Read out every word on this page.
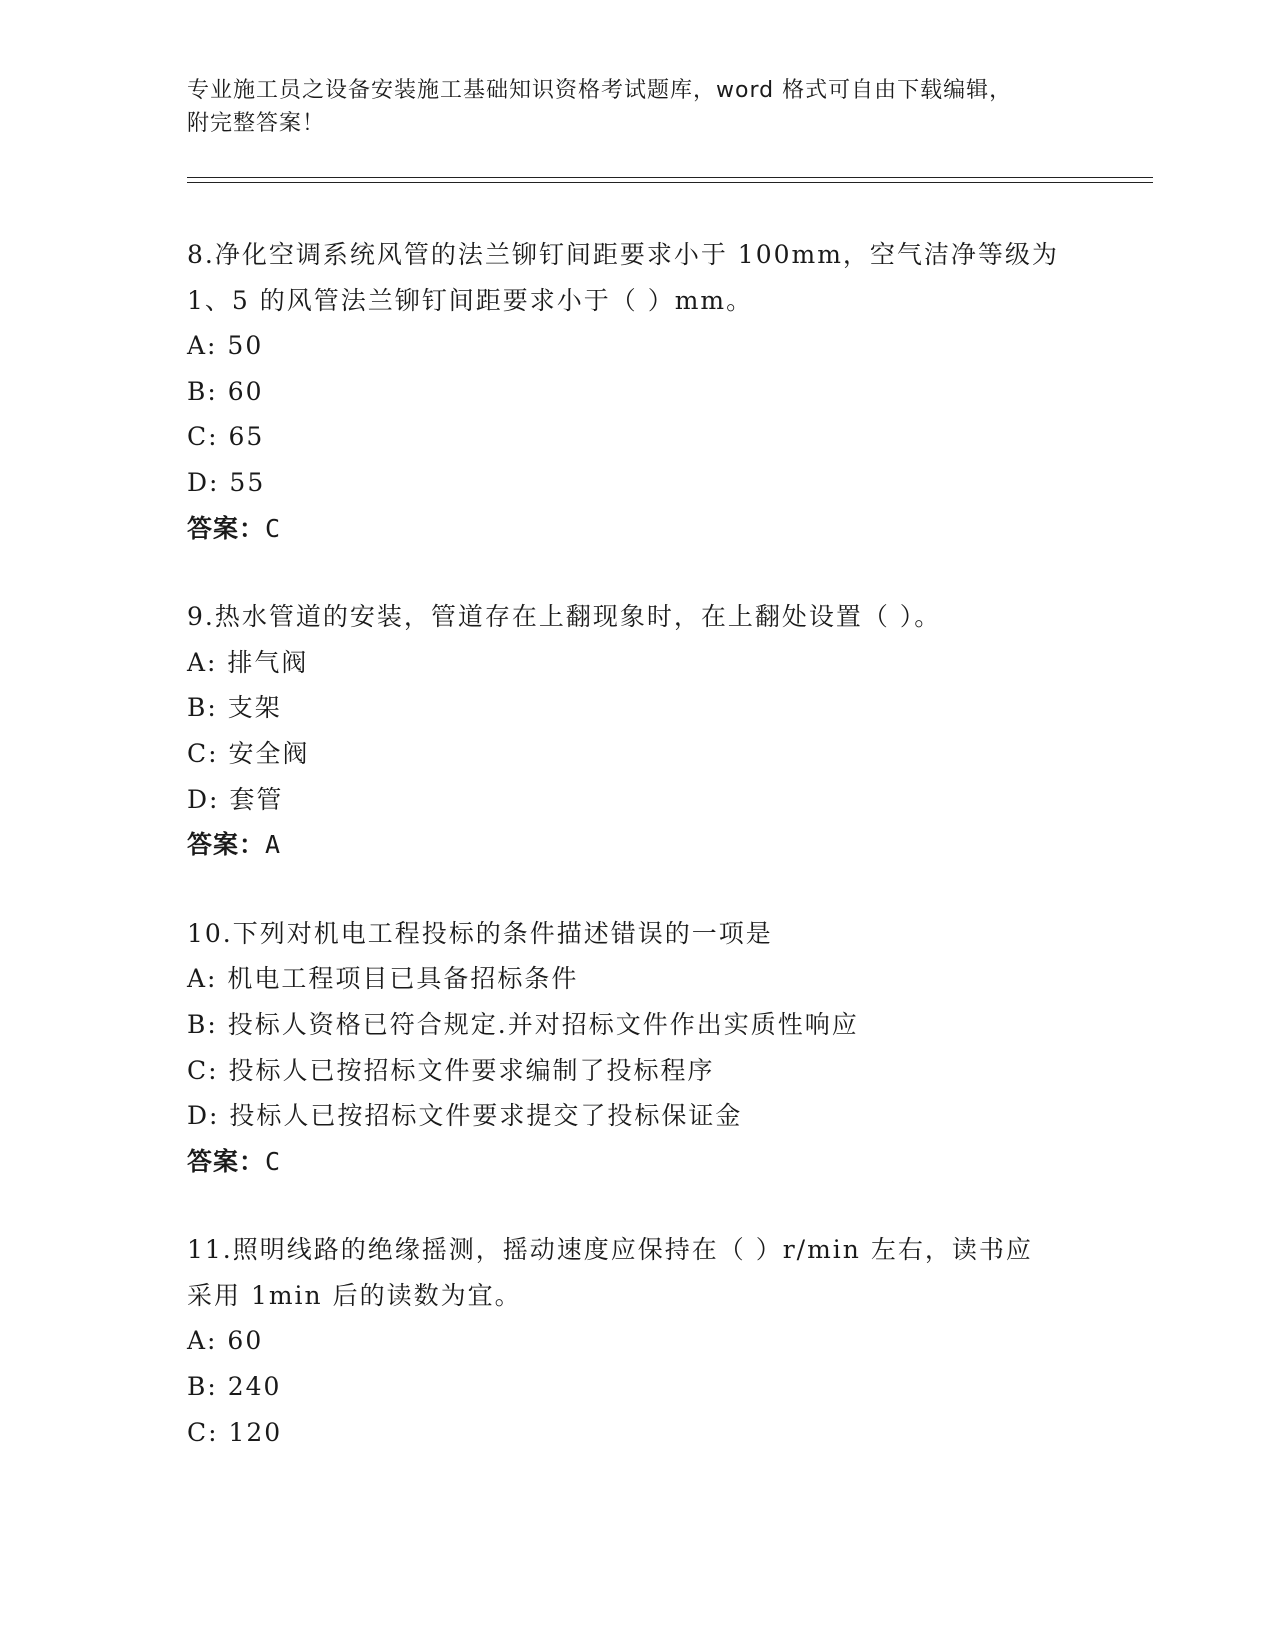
专业施工员之设备安装施工基础知识资格考试题库，word 格式可自由下载编辑，
附完整答案！
8.净化空调系统风管的法兰铆钉间距要求小于 100mm，空气洁净等级为
1、5 的风管法兰铆钉间距要求小于（ ）mm。
A: 50
B: 60
C: 65
D: 55
答案：C
9.热水管道的安装，管道存在上翻现象时，在上翻处设置（ ）。
A: 排气阀
B: 支架
C: 安全阀
D: 套管
答案：A
10.下列对机电工程投标的条件描述错误的一项是
A: 机电工程项目已具备招标条件
B: 投标人资格已符合规定.并对招标文件作出实质性响应
C: 投标人已按招标文件要求编制了投标程序
D: 投标人已按招标文件要求提交了投标保证金
答案：C
11.照明线路的绝缘摇测，摇动速度应保持在（ ）r/min 左右，读书应
采用 1min 后的读数为宜。
A: 60
B: 240
C: 120
